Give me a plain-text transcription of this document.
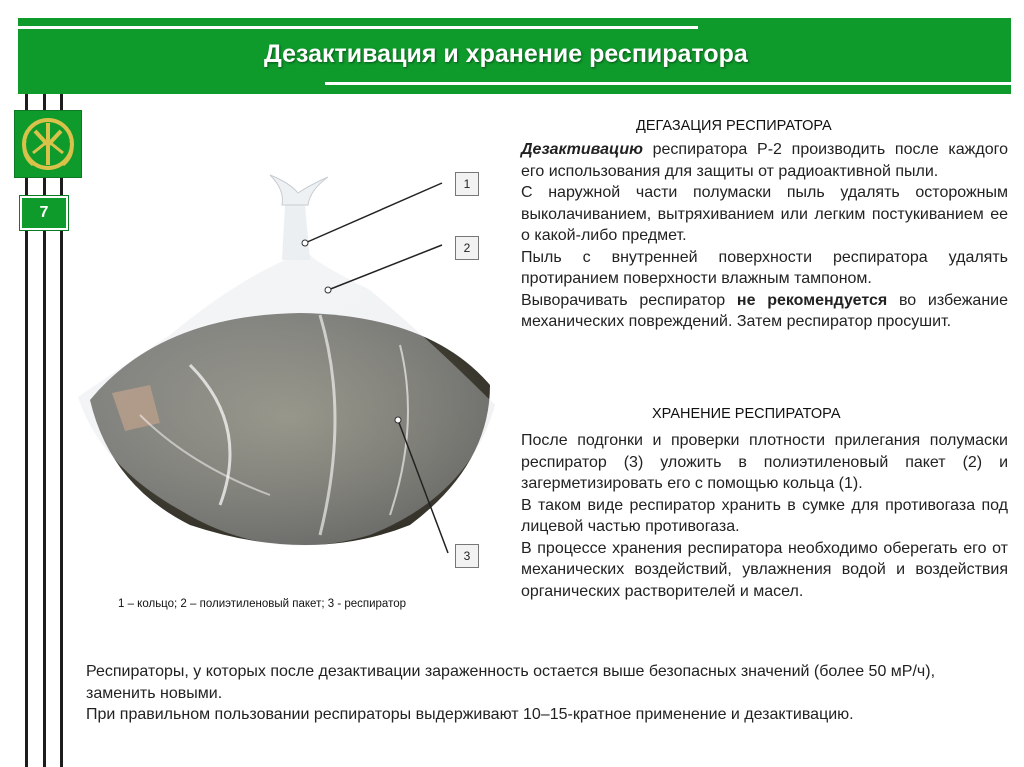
Дезактивация и хранение респиратора
7
1
2
3
1 – кольцо; 2 – полиэтиленовый пакет; 3 - респиратор
ДЕГАЗАЦИЯ РЕСПИРАТОРА

Дезактивацию респиратора Р-2 производить после каждого его использования для защиты от радиоактивной пыли.

С наружной части полумаски пыль удалять осторожным выколачиванием, вытряхиванием или легким постукиванием ее о какой-либо предмет.

Пыль с внутренней поверхности респиратора удалять протиранием поверхности влажным тампоном.

Выворачивать респиратор не рекомендуется во избежание механических повреждений. Затем респиратор просушит.

ХРАНЕНИЕ РЕСПИРАТОРА

После подгонки и проверки плотности прилегания полумаски респиратор (3) уложить в полиэтиленовый пакет (2) и загерметизировать его с помощью кольца (1).

В таком виде респиратор хранить в сумке для противогаза под лицевой частью противогаза.

В процессе хранения респиратора необходимо оберегать его от механических воздействий, увлажнения водой и воздействия органических растворителей и масел.

Респираторы, у которых после дезактивации зараженность остается выше безопасных значений (более 50 мР/ч), заменить новыми.

При правильном пользовании респираторы выдерживают 10–15-кратное применение и дезактивацию.
